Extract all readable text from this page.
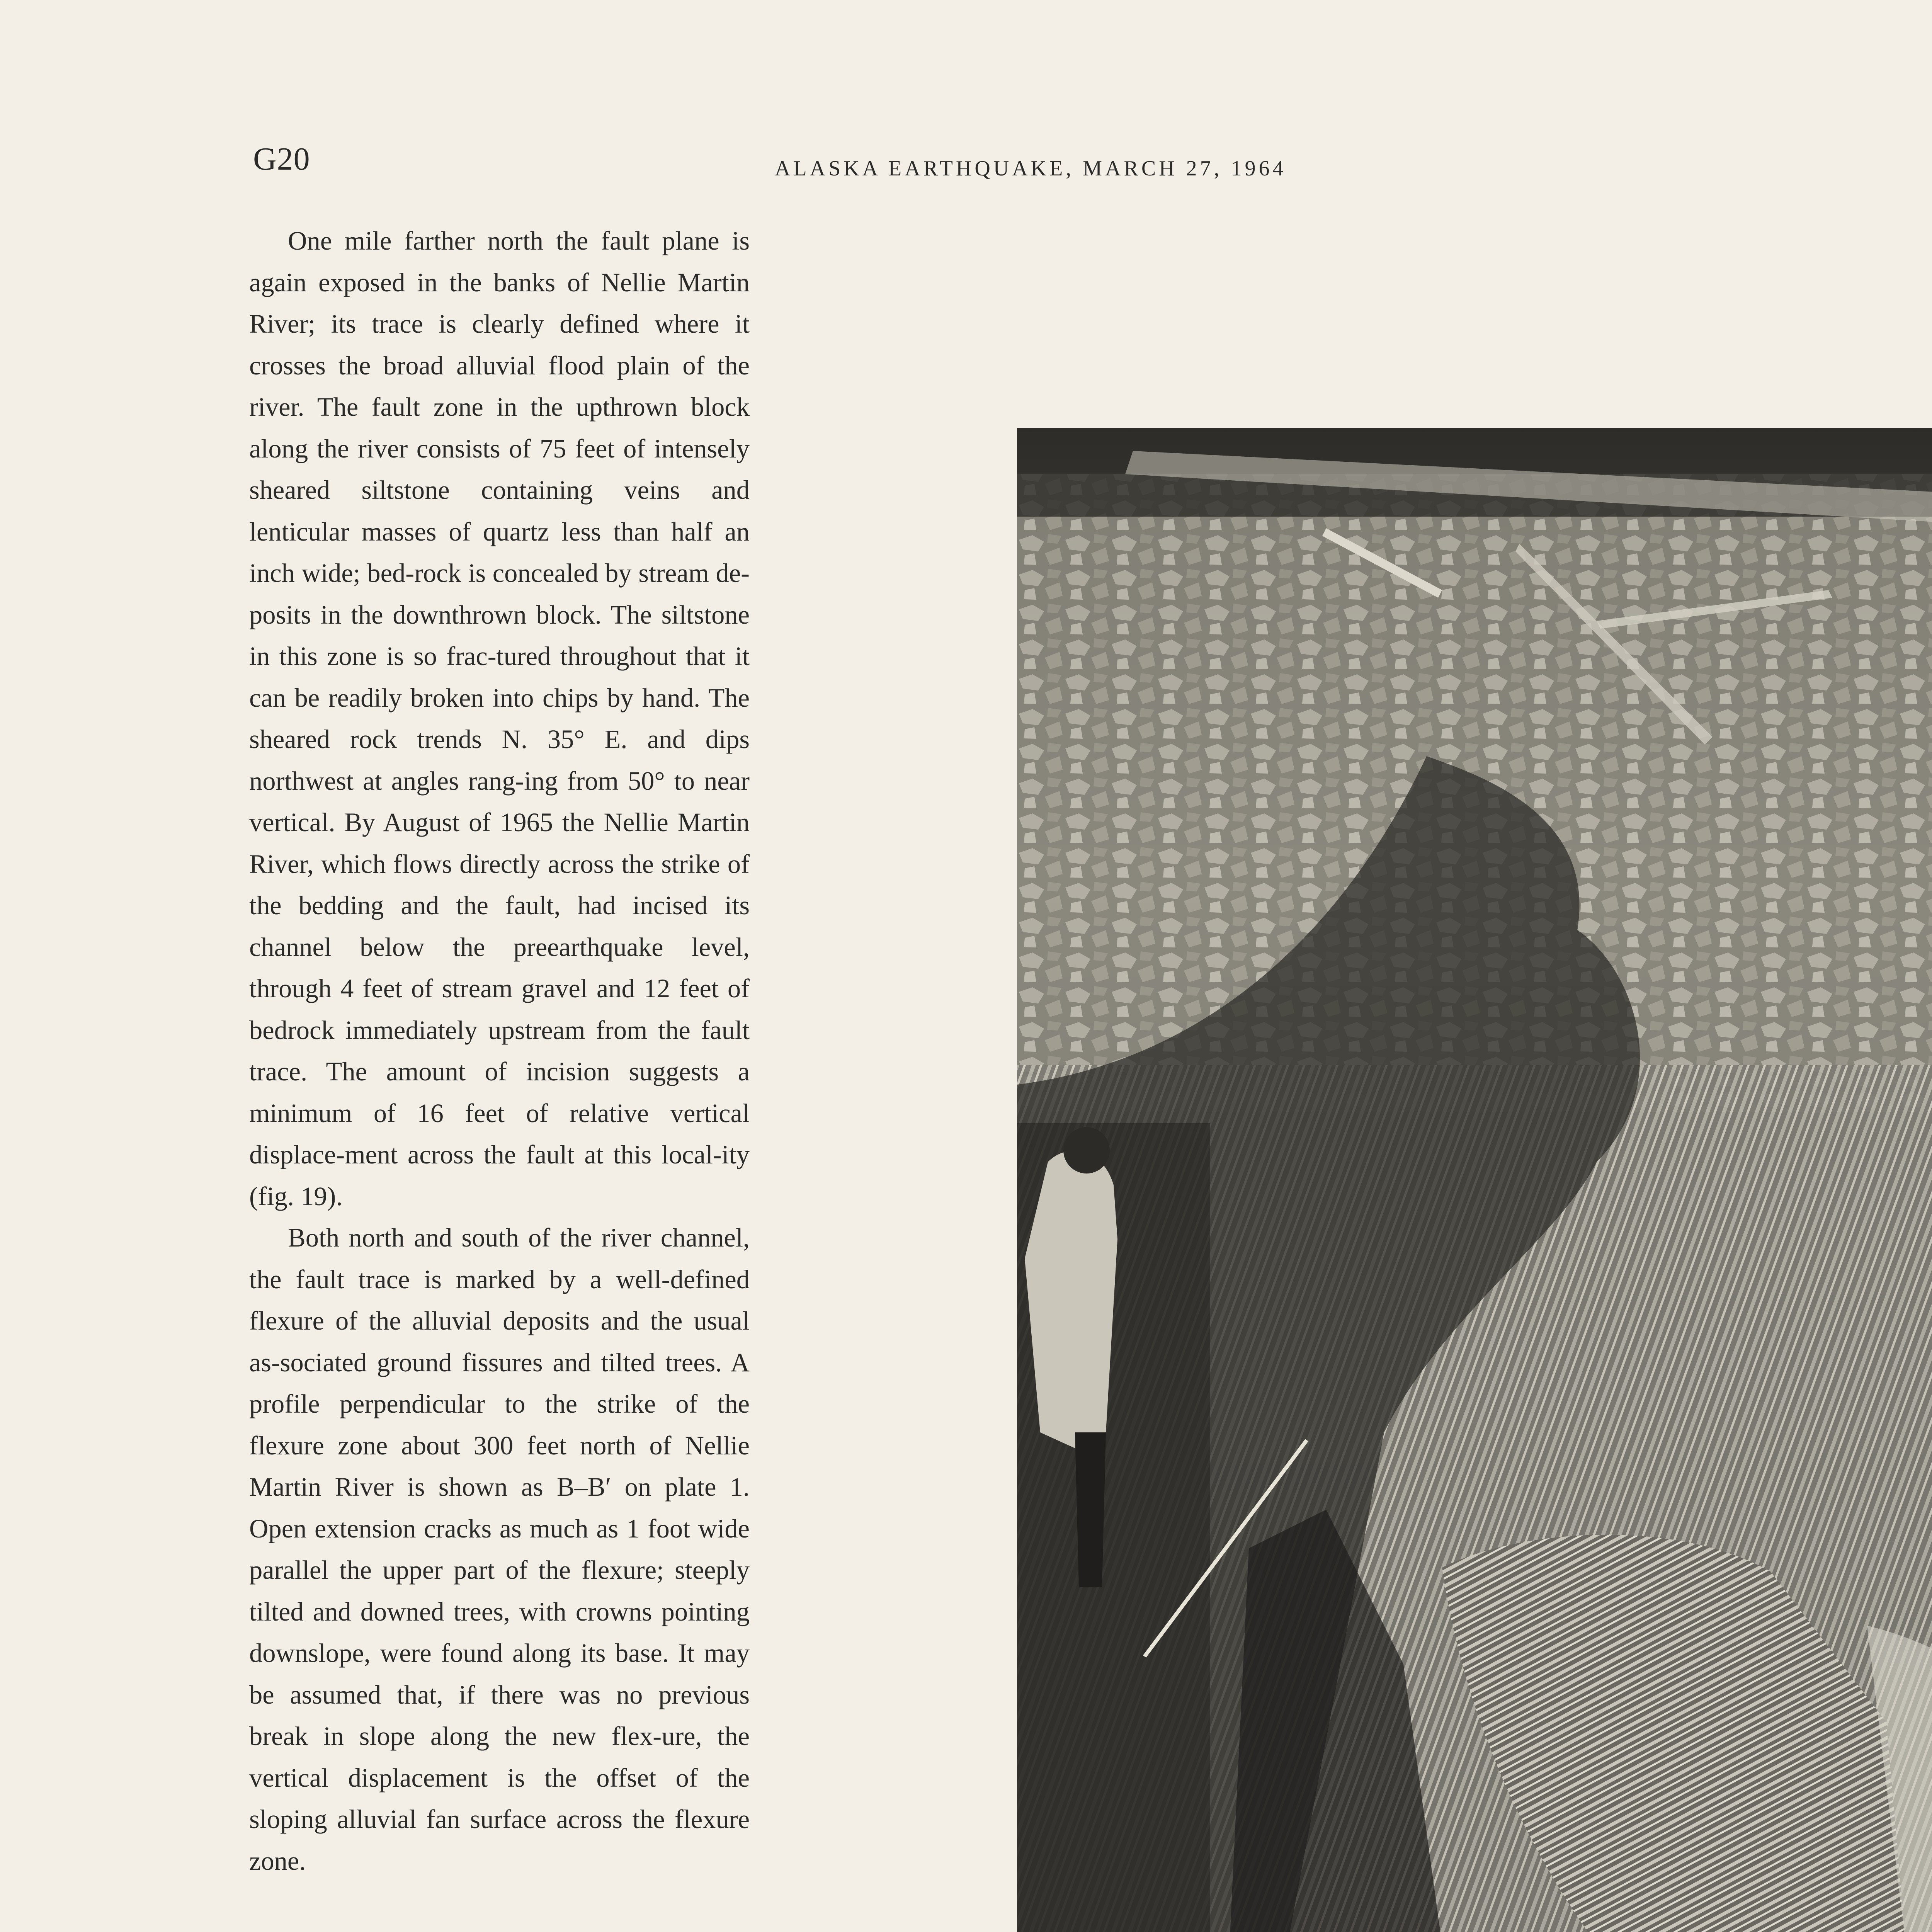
G20	ALASKA EARTHQUAKE, MARCH 27, 1964

One mile farther north the fault plane is again exposed in the banks of Nellie Martin River; its trace is clearly defined where it crosses the broad alluvial flood plain of the river. The fault zone in the upthrown block along the river consists of 75 feet of intensely sheared siltstone containing veins and lenticular masses of quartz less than half an inch wide; bed-rock is concealed by stream de-posits in the downthrown block. The siltstone in this zone is so frac-tured throughout that it can be readily broken into chips by hand. The sheared rock trends N. 35° E. and dips northwest at angles rang-ing from 50° to near vertical. By August of 1965 the Nellie Martin River, which flows directly across the strike of the bedding and the fault, had incised its channel below the preearthquake level, through 4 feet of stream gravel and 12 feet of bedrock immediately upstream from the fault trace. The amount of incision suggests a minimum of 16 feet of relative vertical displace-ment across the fault at this local-ity (fig. 19).

Both north and south of the river channel, the fault trace is marked by a well-defined flexure of the alluvial deposits and the usual as-sociated ground fissures and tilted trees. A profile perpendicular to the strike of the flexure zone about 300 feet north of Nellie Martin River is shown as B–B′ on plate 1. Open extension cracks as much as 1 foot wide parallel the upper part of the flexure; steeply tilted and downed trees, with crowns pointing downslope, were found along its base. It may be assumed that, if there was no previous break in slope along the new flex-ure, the vertical displacement is the offset of the sloping alluvial fan surface across the flexure zone.
